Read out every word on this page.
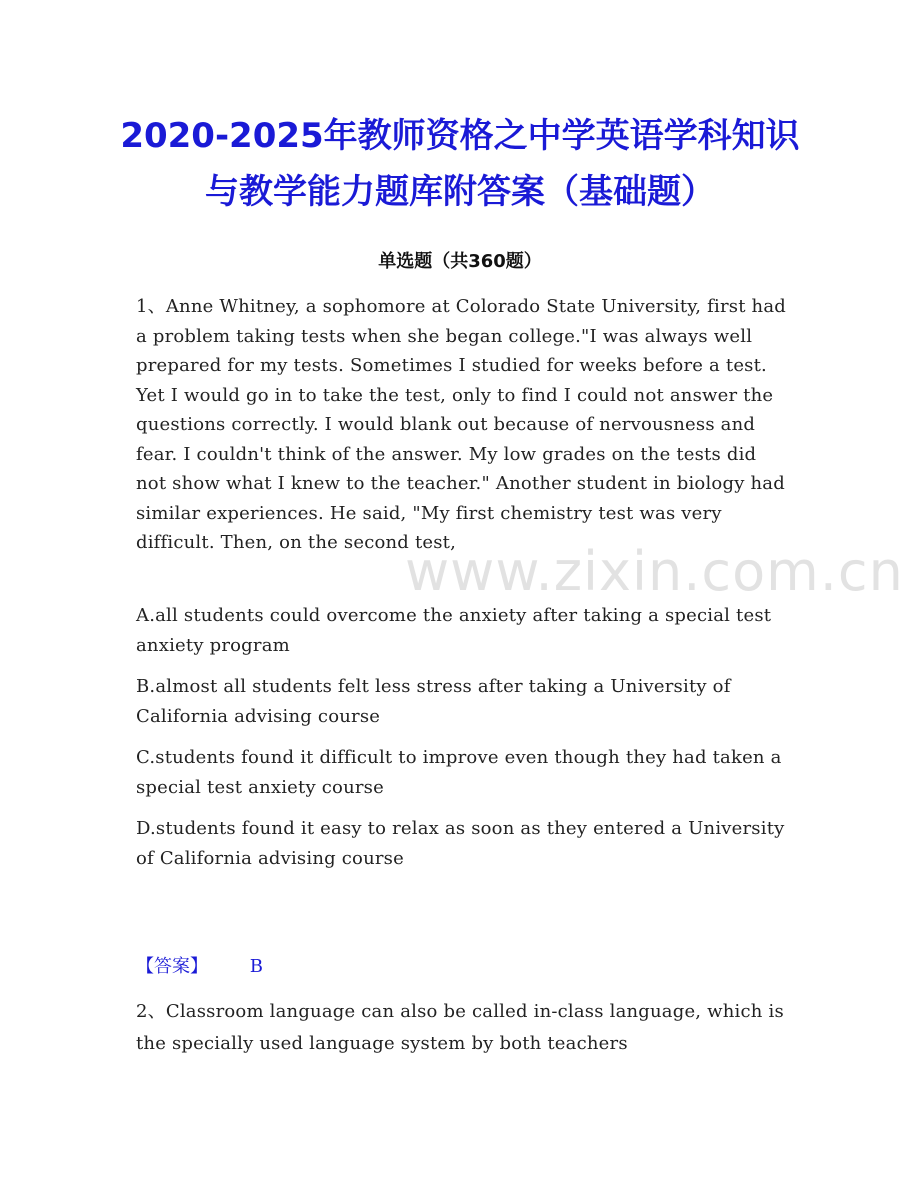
2020-2025年教师资格之中学英语学科知识与教学能力题库附答案（基础题）
单选题（共360题）
www.zixin.com.cn

1、Anne Whitney, a sophomore at Colorado State University, first had a problem taking tests when she began college."I was always well prepared for my tests. Sometimes I studied for weeks before a test. Yet I would go in to take the test, only to find I could not answer the questions correctly. I would blank out because of nervousness and fear. I couldn't think of the answer. My low grades on the tests did not show what I knew to the teacher." Another student in biology had similar experiences. He said, "My first chemistry test was very difficult. Then, on the second test,

A.all students could overcome the anxiety after taking a special test anxiety program

B.almost all students felt less stress after taking a University of California advising course

C.students found it difficult to improve even though they had taken a special test anxiety course

D.students found it easy to relax as soon as they entered a University of California advising course

【答案】 B

2、Classroom language can also be called in-class language, which is the specially used language system by both teachers
